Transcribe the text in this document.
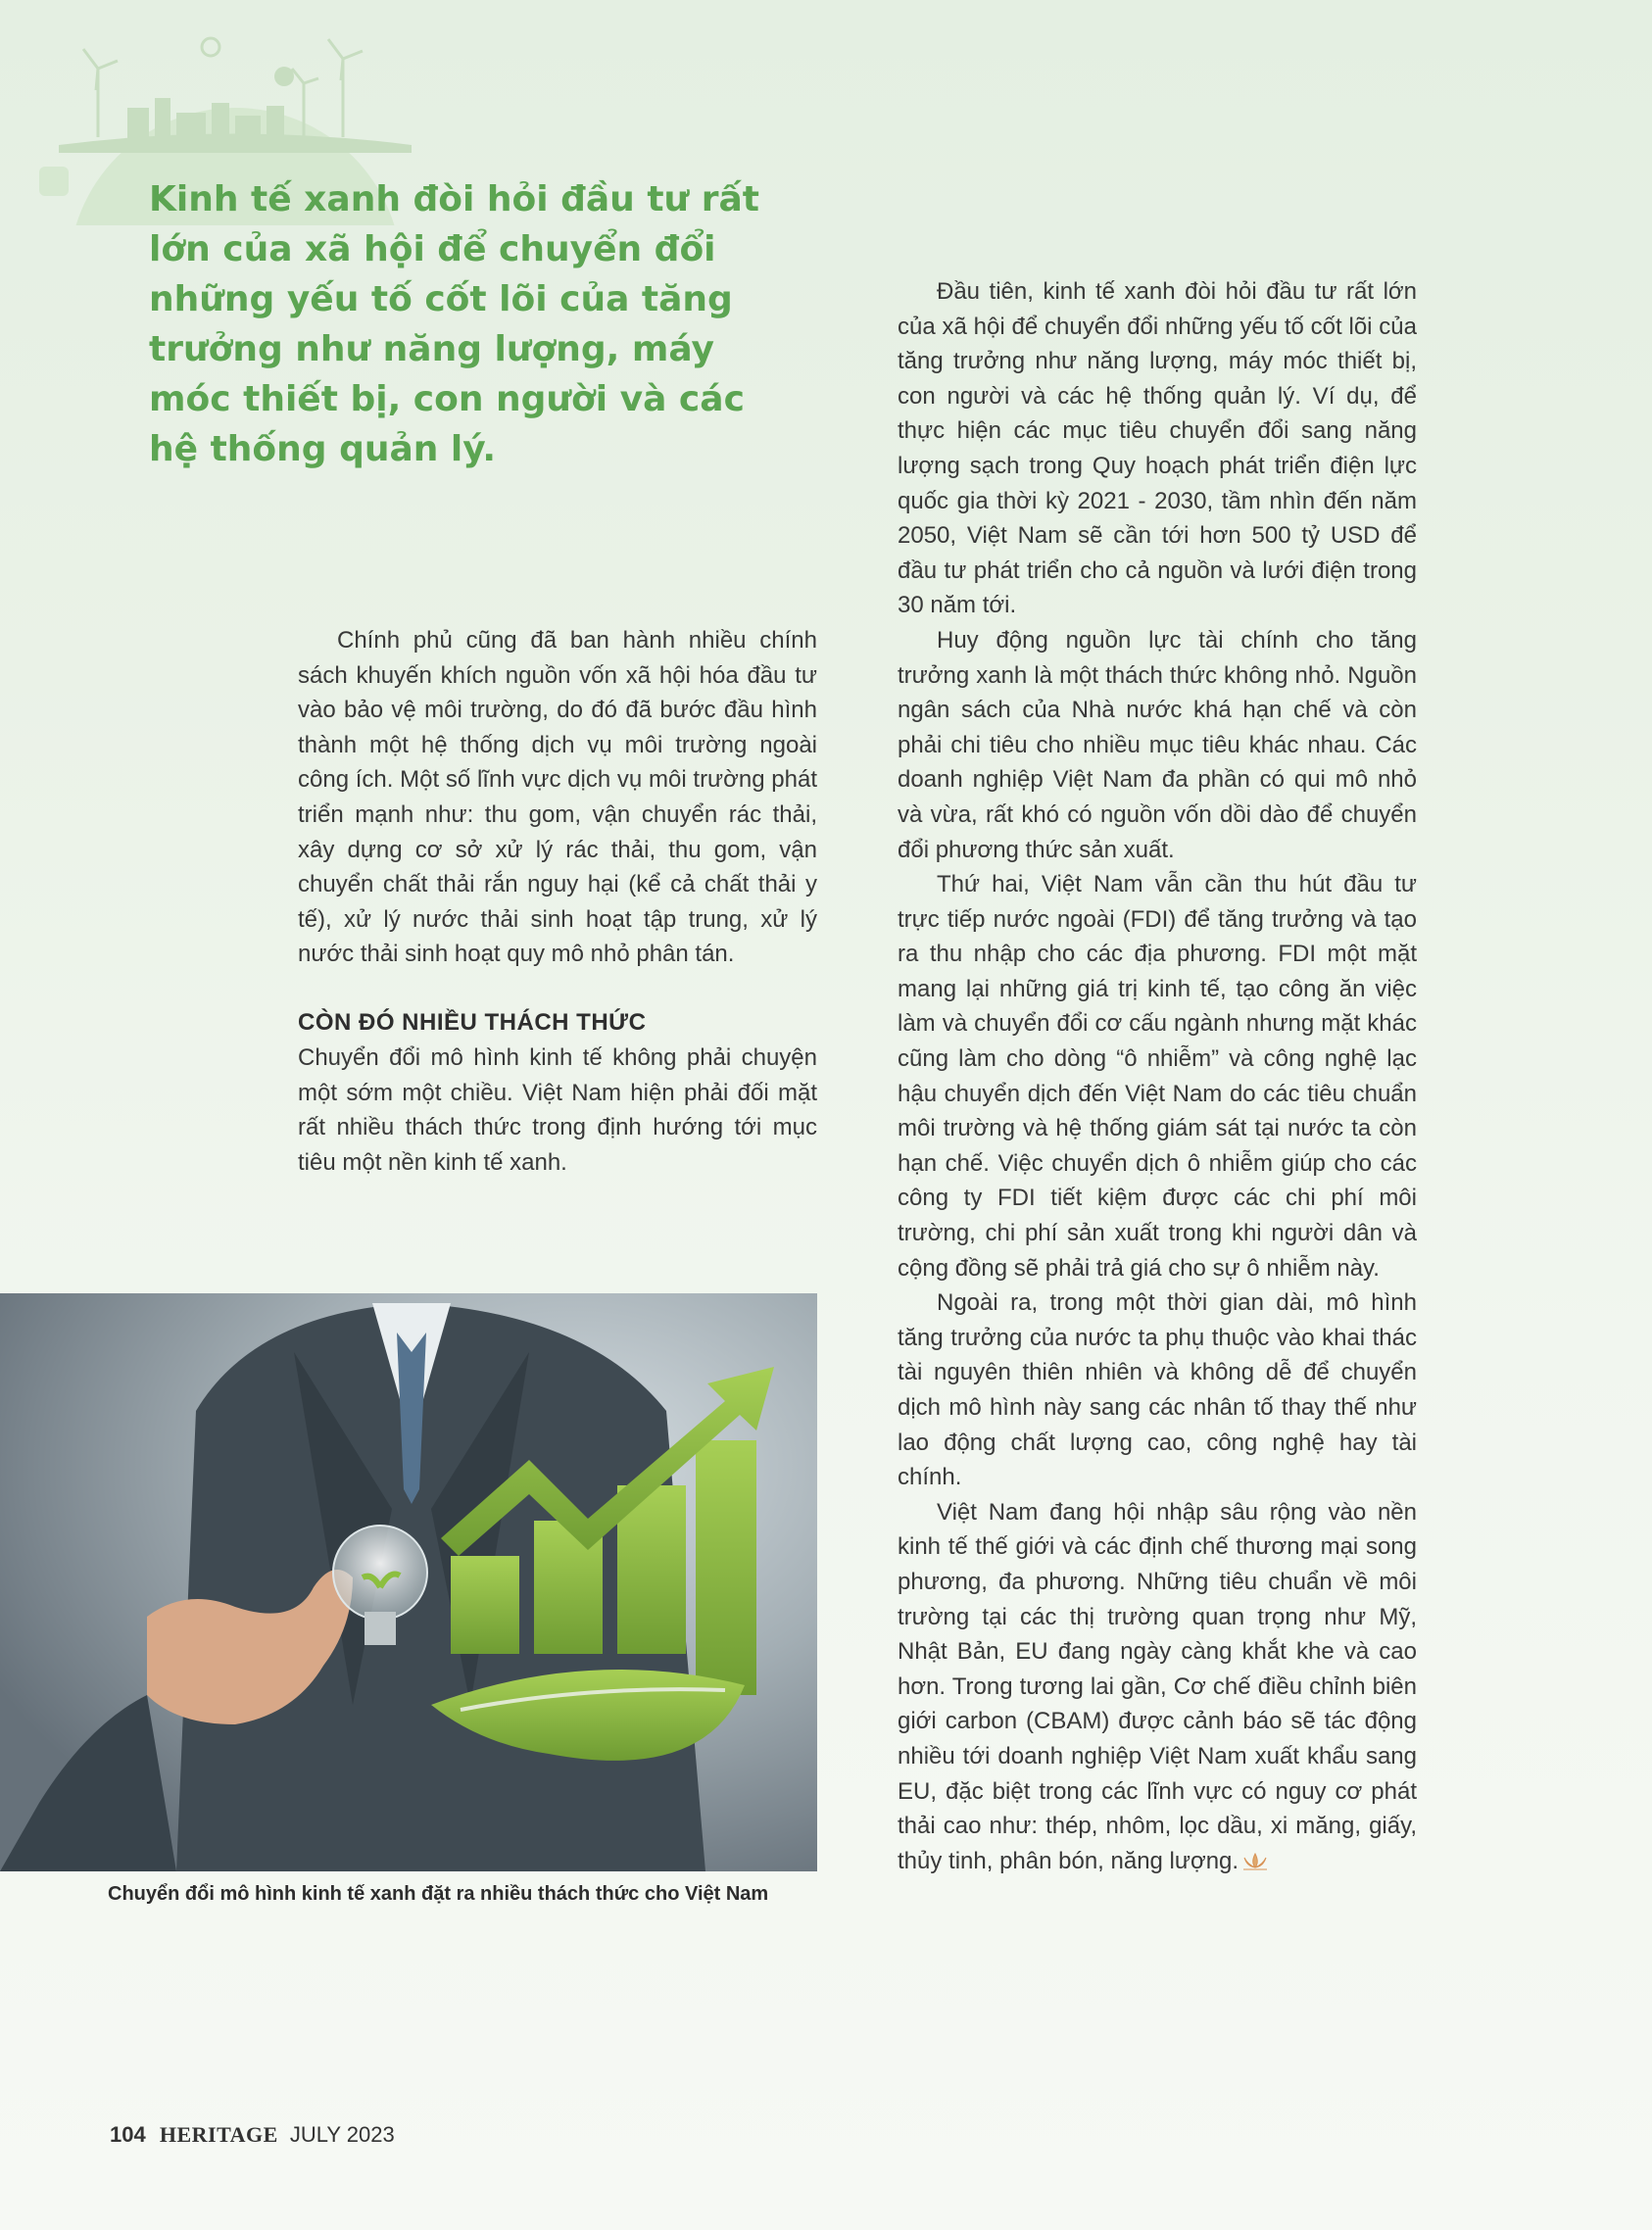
Kinh tế xanh đòi hỏi đầu tư rất lớn của xã hội để chuyển đổi những yếu tố cốt lõi của tăng trưởng như năng lượng, máy móc thiết bị, con người và các hệ thống quản lý.

Chính phủ cũng đã ban hành nhiều chính sách khuyến khích nguồn vốn xã hội hóa đầu tư vào bảo vệ môi trường, do đó đã bước đầu hình thành một hệ thống dịch vụ môi trường ngoài công ích. Một số lĩnh vực dịch vụ môi trường phát triển mạnh như: thu gom, vận chuyển rác thải, xây dựng cơ sở xử lý rác thải, thu gom, vận chuyển chất thải rắn nguy hại (kể cả chất thải y tế), xử lý nước thải sinh hoạt tập trung, xử lý nước thải sinh hoạt quy mô nhỏ phân tán.

CÒN ĐÓ NHIỀU THÁCH THỨC

Chuyển đổi mô hình kinh tế không phải chuyện một sớm một chiều. Việt Nam hiện phải đối mặt rất nhiều thách thức trong định hướng tới mục tiêu một nền kinh tế xanh.

Đầu tiên, kinh tế xanh đòi hỏi đầu tư rất lớn của xã hội để chuyển đổi những yếu tố cốt lõi của tăng trưởng như năng lượng, máy móc thiết bị, con người và các hệ thống quản lý. Ví dụ, để thực hiện các mục tiêu chuyển đổi sang năng lượng sạch trong Quy hoạch phát triển điện lực quốc gia thời kỳ 2021 - 2030, tầm nhìn đến năm 2050, Việt Nam sẽ cần tới hơn 500 tỷ USD để đầu tư phát triển cho cả nguồn và lưới điện trong 30 năm tới.

Huy động nguồn lực tài chính cho tăng trưởng xanh là một thách thức không nhỏ. Nguồn ngân sách của Nhà nước khá hạn chế và còn phải chi tiêu cho nhiều mục tiêu khác nhau. Các doanh nghiệp Việt Nam đa phần có qui mô nhỏ và vừa, rất khó có nguồn vốn dồi dào để chuyển đổi phương thức sản xuất.

Thứ hai, Việt Nam vẫn cần thu hút đầu tư trực tiếp nước ngoài (FDI) để tăng trưởng và tạo ra thu nhập cho các địa phương. FDI một mặt mang lại những giá trị kinh tế, tạo công ăn việc làm và chuyển đổi cơ cấu ngành nhưng mặt khác cũng làm cho dòng “ô nhiễm” và công nghệ lạc hậu chuyển dịch đến Việt Nam do các tiêu chuẩn môi trường và hệ thống giám sát tại nước ta còn hạn chế. Việc chuyển dịch ô nhiễm giúp cho các công ty FDI tiết kiệm được các chi phí môi trường, chi phí sản xuất trong khi người dân và cộng đồng sẽ phải trả giá cho sự ô nhiễm này.

Ngoài ra, trong một thời gian dài, mô hình tăng trưởng của nước ta phụ thuộc vào khai thác tài nguyên thiên nhiên và không dễ để chuyển dịch mô hình này sang các nhân tố thay thế như lao động chất lượng cao, công nghệ hay tài chính.

Việt Nam đang hội nhập sâu rộng vào nền kinh tế thế giới và các định chế thương mại song phương, đa phương. Những tiêu chuẩn về môi trường tại các thị trường quan trọng như Mỹ, Nhật Bản, EU đang ngày càng khắt khe và cao hơn. Trong tương lai gần, Cơ chế điều chỉnh biên giới carbon (CBAM) được cảnh báo sẽ tác động nhiều tới doanh nghiệp Việt Nam xuất khẩu sang EU, đặc biệt trong các lĩnh vực có nguy cơ phát thải cao như: thép, nhôm, lọc dầu, xi măng, giấy, thủy tinh, phân bón, năng lượng.

Chuyển đổi mô hình kinh tế xanh đặt ra nhiều thách thức cho Việt Nam
104 HERITAGE JULY 2023
